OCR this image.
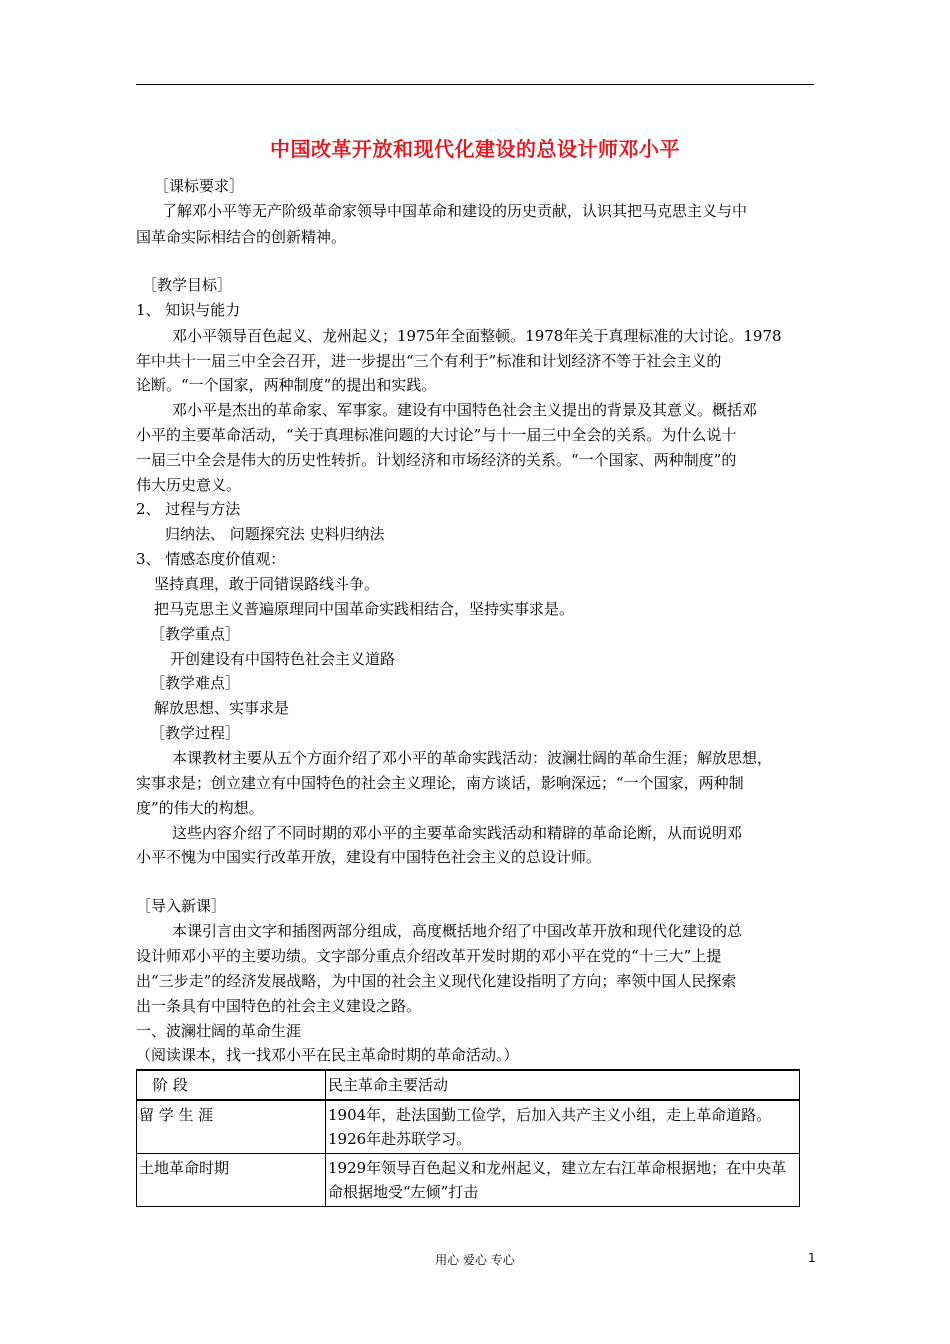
中国改革开放和现代化建设的总设计师邓小平
［课标要求］
了解邓小平等无产阶级革命家领导中国革命和建设的历史贡献，认识其把马克思主义与中
国革命实际相结合的创新精神。
［教学目标］
1、 知识与能力
邓小平领导百色起义、龙州起义；1975年全面整顿。1978年关于真理标准的大讨论。1978
年中共十一届三中全会召开，进一步提出“三个有利于”标准和计划经济不等于社会主义的
论断。“一个国家，两种制度”的提出和实践。
邓小平是杰出的革命家、军事家。建设有中国特色社会主义提出的背景及其意义。概括邓
小平的主要革命活动，“关于真理标准问题的大讨论”与十一届三中全会的关系。为什么说十
一届三中全会是伟大的历史性转折。计划经济和市场经济的关系。“一个国家、两种制度”的
伟大历史意义。
2、 过程与方法
归纳法、 问题探究法 史料归纳法
3、 情感态度价值观：
坚持真理，敢于同错误路线斗争。
把马克思主义普遍原理同中国革命实践相结合，坚持实事求是。
［教学重点］
开创建设有中国特色社会主义道路
［教学难点］
解放思想、实事求是
［教学过程］
本课教材主要从五个方面介绍了邓小平的革命实践活动：波澜壮阔的革命生涯；解放思想，
实事求是；创立建立有中国特色的社会主义理论，南方谈话，影响深远；“一个国家，两种制
度”的伟大的构想。
这些内容介绍了不同时期的邓小平的主要革命实践活动和精辟的革命论断，从而说明邓
小平不愧为中国实行改革开放，建设有中国特色社会主义的总设计师。
［导入新课］
本课引言由文字和插图两部分组成，高度概括地介绍了中国改革开放和现代化建设的总
设计师邓小平的主要功绩。文字部分重点介绍改革开发时期的邓小平在党的“十三大”上提
出“三步走”的经济发展战略，为中国的社会主义现代化建设指明了方向；率领中国人民探索
出一条具有中国特色的社会主义建设之路。
一、波澜壮阔的革命生涯
（阅读课本，找一找邓小平在民主革命时期的革命活动。）
阶 段	民主革命主要活动
留 学 生 涯	1904年，赴法国勤工俭学，后加入共产主义小组，走上革命道路。1926年赴苏联学习。
土地革命时期	1929年领导百色起义和龙州起义，建立左右江革命根据地；在中央革命根据地受“左倾”打击
用心 爱心 专心	1
